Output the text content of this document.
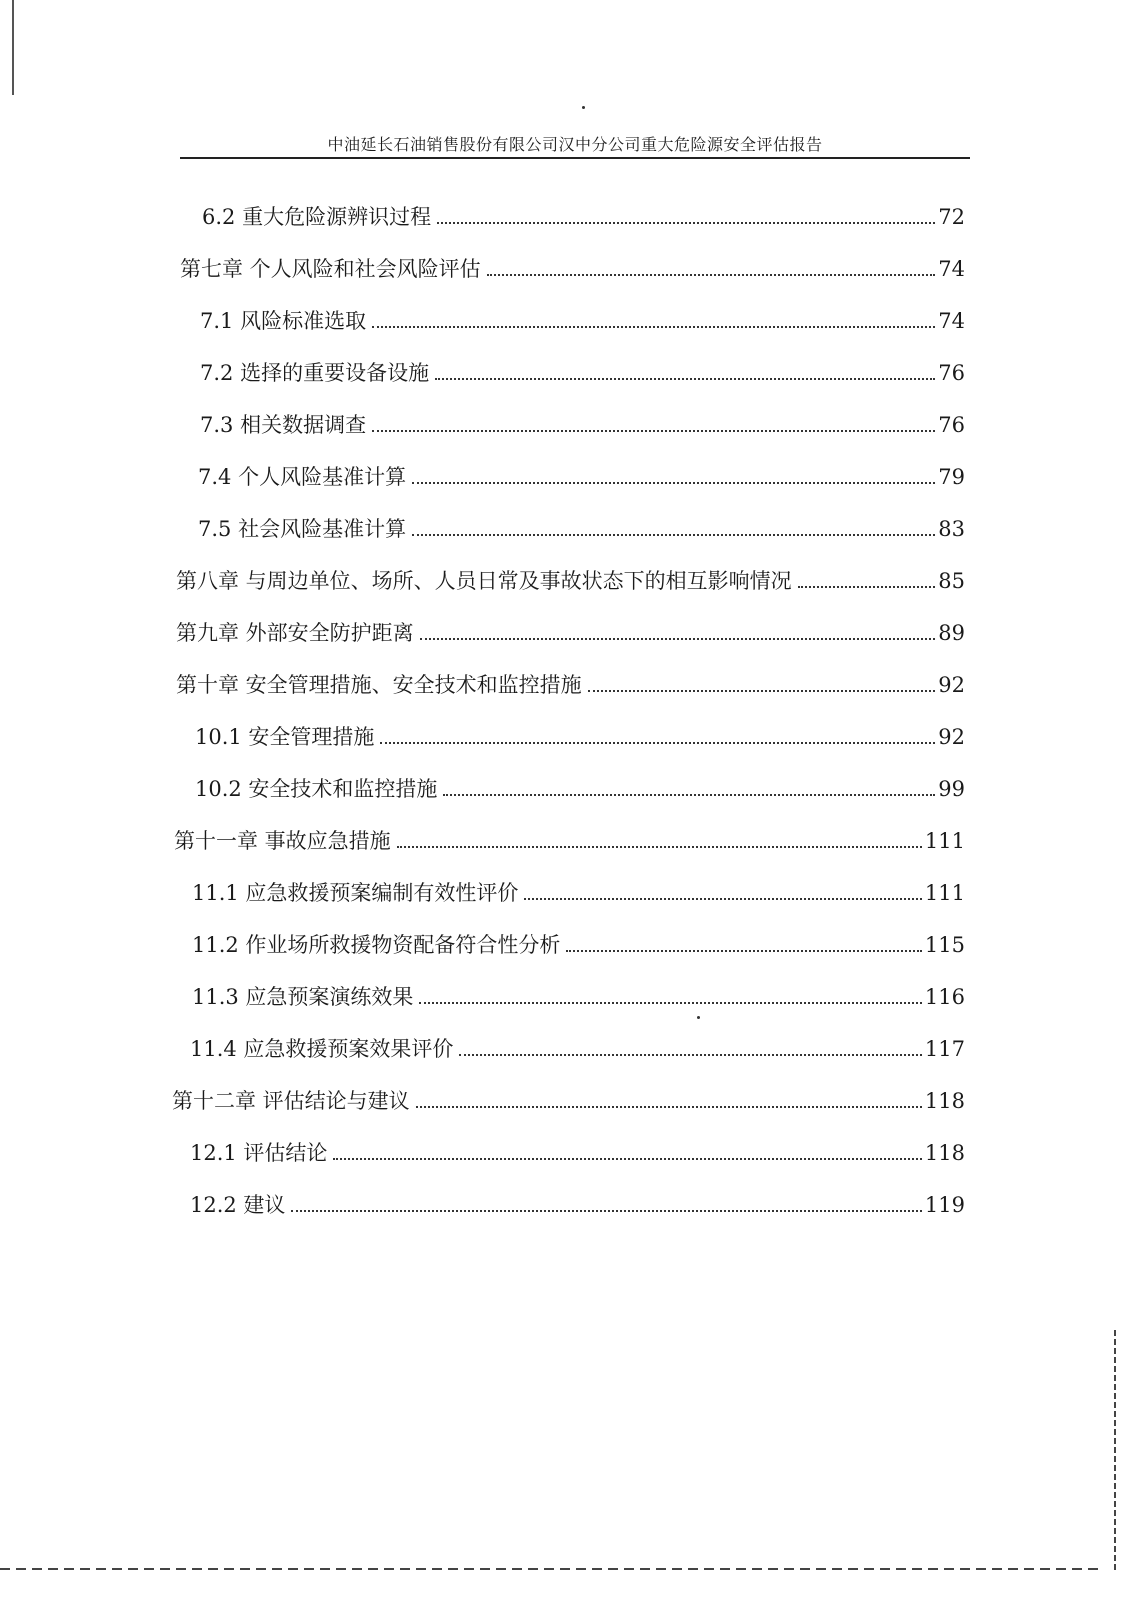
中油延长石油销售股份有限公司汉中分公司重大危险源安全评估报告
6.2 重大危险源辨识过程	72
第七章 个人风险和社会风险评估	74
7.1 风险标准选取	74
7.2 选择的重要设备设施	76
7.3 相关数据调查	76
7.4 个人风险基准计算	79
7.5 社会风险基准计算	83
第八章 与周边单位、场所、人员日常及事故状态下的相互影响情况	85
第九章 外部安全防护距离	89
第十章 安全管理措施、安全技术和监控措施	92
10.1 安全管理措施	92
10.2 安全技术和监控措施	99
第十一章 事故应急措施	111
11.1 应急救援预案编制有效性评价	111
11.2 作业场所救援物资配备符合性分析	115
11.3 应急预案演练效果	116
11.4 应急救援预案效果评价	117
第十二章 评估结论与建议	118
12.1 评估结论	118
12.2 建议	119
